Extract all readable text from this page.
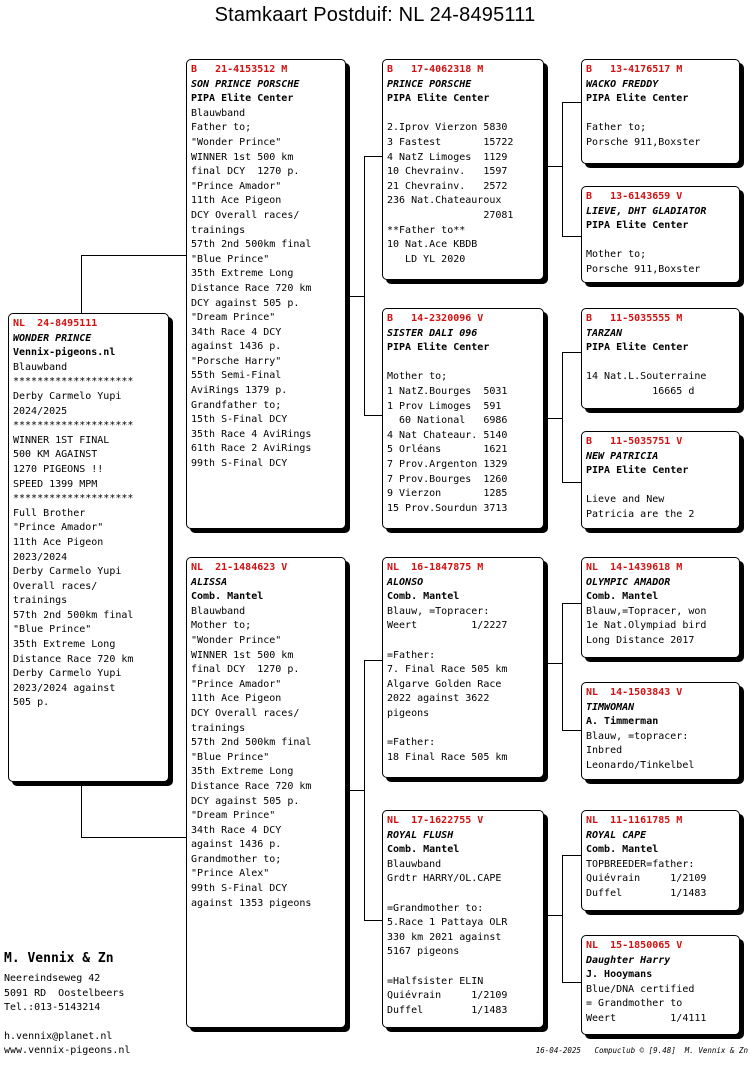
Stamkaart Postduif: NL 24-8495111
NL  24-8495111
WONDER PRINCE
Vennix-pigeons.nl
Blauwband
********************
Derby Carmelo Yupi
2024/2025
********************
WINNER 1ST FINAL
500 KM AGAINST
1270 PIGEONS !!
SPEED 1399 MPM
********************
Full Brother
"Prince Amador"
11th Ace Pigeon
2023/2024
Derby Carmelo Yupi
Overall races/
trainings
57th 2nd 500km final
"Blue Prince"
35th Extreme Long
Distance Race 720 km
Derby Carmelo Yupi
2023/2024 against
505 p.
B   21-4153512 M
SON PRINCE PORSCHE
PIPA Elite Center
Blauwband
Father to;
"Wonder Prince"
WINNER 1st 500 km
final DCY  1270 p.
"Prince Amador"
11th Ace Pigeon
DCY Overall races/
trainings
57th 2nd 500km final
"Blue Prince"
35th Extreme Long
Distance Race 720 km
DCY against 505 p.
"Dream Prince"
34th Race 4 DCY
against 1436 p.
"Porsche Harry"
55th Semi-Final
AviRings 1379 p.
Grandfather to;
15th S-Final DCY
35th Race 4 AviRings
61th Race 2 AviRings
99th S-Final DCY
NL  21-1484623 V
ALISSA
Comb. Mantel
Blauwband
Mother to;
"Wonder Prince"
WINNER 1st 500 km
final DCY  1270 p.
"Prince Amador"
11th Ace Pigeon
DCY Overall races/
trainings
57th 2nd 500km final
"Blue Prince"
35th Extreme Long
Distance Race 720 km
DCY against 505 p.
"Dream Prince"
34th Race 4 DCY
against 1436 p.
Grandmother to;
"Prince Alex"
99th S-Final DCY
against 1353 pigeons
B   17-4062318 M
PRINCE PORSCHE
PIPA Elite Center

2.Iprov Vierzon 5830
3 Fastest       15722
4 NatZ Limoges  1129
10 Chevrainv.   1597
21 Chevrainv.   2572
236 Nat.Chateauroux
27081
**Father to**
10 Nat.Ace KBDB
LD YL 2020
B   14-2320096 V
SISTER DALI 096
PIPA Elite Center

Mother to;
1 NatZ.Bourges  5031
1 Prov Limoges  591
60 National   6986
4 Nat Chateaur. 5140
5 Orléans       1621
7 Prov.Argenton 1329
7 Prov.Bourges  1260
9 Vierzon       1285
15 Prov.Sourdun 3713
NL  16-1847875 M
ALONSO
Comb. Mantel
Blauw, =Topracer:
Weert         1/2227

=Father:
7. Final Race 505 km
Algarve Golden Race
2022 against 3622
pigeons

=Father:
18 Final Race 505 km
NL  17-1622755 V
ROYAL FLUSH
Comb. Mantel
Blauwband
Grdtr HARRY/OL.CAPE

=Grandmother to:
5.Race 1 Pattaya OLR
330 km 2021 against
5167 pigeons

=Halfsister ELIN
Quiévrain     1/2109
Duffel        1/1483
B   13-4176517 M
WACKO FREDDY
PIPA Elite Center

Father to;
Porsche 911,Boxster
B   13-6143659 V
LIEVE, DHT GLADIATOR
PIPA Elite Center

Mother to;
Porsche 911,Boxster
B   11-5035555 M
TARZAN
PIPA Elite Center

14 Nat.L.Souterraine
16665 d
B   11-5035751 V
NEW PATRICIA
PIPA Elite Center

Lieve and New
Patricia are the 2
NL  14-1439618 M
OLYMPIC AMADOR
Comb. Mantel
Blauw,=Topracer, won
1e Nat.Olympiad bird
Long Distance 2017
NL  14-1503843 V
TIMWOMAN
A. Timmerman
Blauw, =topracer:
Inbred
Leonardo/Tinkelbel
NL  11-1161785 M
ROYAL CAPE
Comb. Mantel
TOPBREEDER=father:
Quiévrain     1/2109
Duffel        1/1483
NL  15-1850065 V
Daughter Harry
J. Hooymans
Blue/DNA certified
= Grandmother to
Weert         1/4111
M. Vennix & Zn
Neereindseweg 42
5091 RD  Oostelbeers
Tel.:013-5143214
h.vennix@planet.nl
www.vennix-pigeons.nl	16-04-2025   Compuclub © [9.48]  M. Vennix & Zn
